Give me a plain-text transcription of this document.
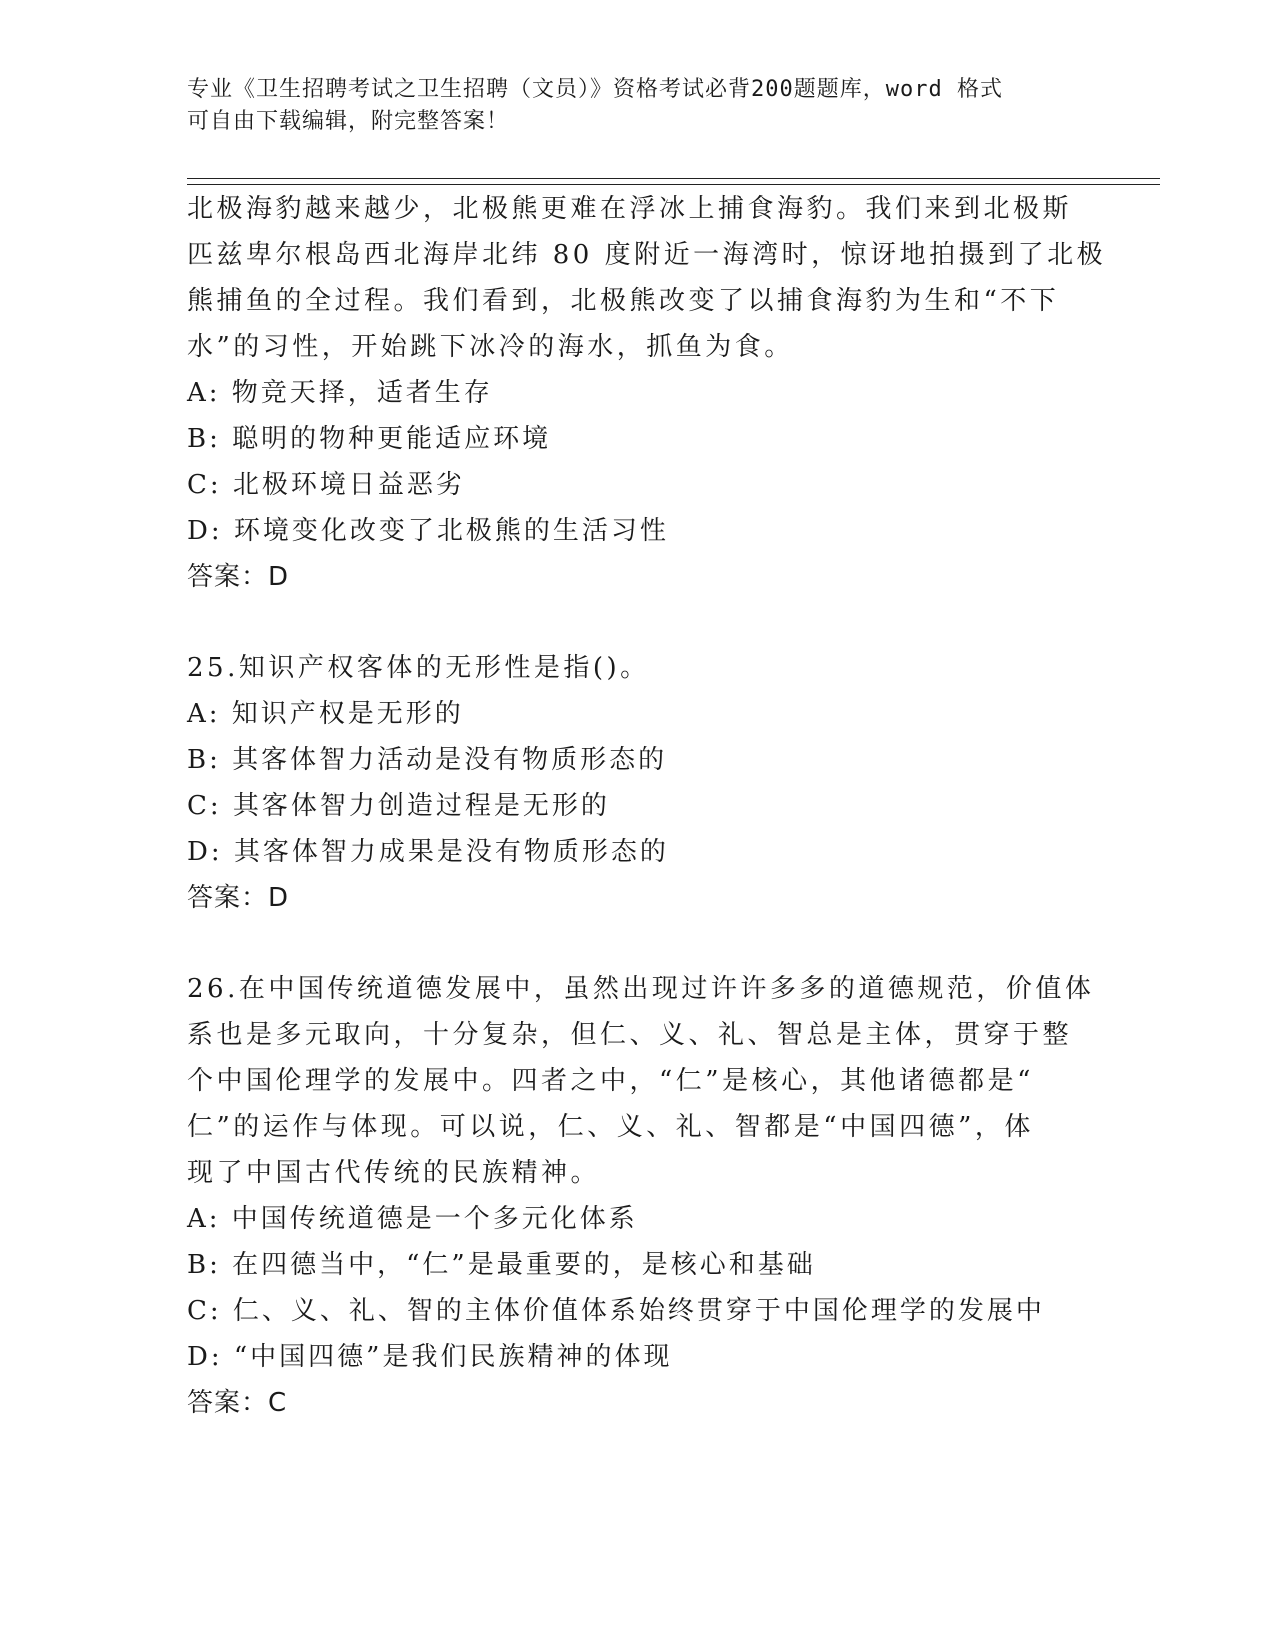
专业《卫生招聘考试之卫生招聘（文员）》资格考试必背200题题库，word 格式
可自由下载编辑，附完整答案！
北极海豹越来越少，北极熊更难在浮冰上捕食海豹。我们来到北极斯
匹兹卑尔根岛西北海岸北纬 80 度附近一海湾时，惊讶地拍摄到了北极
熊捕鱼的全过程。我们看到，北极熊改变了以捕食海豹为生和“不下
水”的习性，开始跳下冰冷的海水，抓鱼为食。
A: 物竞天择，适者生存
B: 聪明的物种更能适应环境
C: 北极环境日益恶劣
D: 环境变化改变了北极熊的生活习性
答案：D
25.知识产权客体的无形性是指()。
A: 知识产权是无形的
B: 其客体智力活动是没有物质形态的
C: 其客体智力创造过程是无形的
D: 其客体智力成果是没有物质形态的
答案：D
26.在中国传统道德发展中，虽然出现过许许多多的道德规范，价值体
系也是多元取向，十分复杂，但仁、义、礼、智总是主体，贯穿于整
个中国伦理学的发展中。四者之中，“仁”是核心，其他诸德都是“
仁”的运作与体现。可以说，仁、义、礼、智都是“中国四德”，体
现了中国古代传统的民族精神。
A: 中国传统道德是一个多元化体系
B: 在四德当中，“仁”是最重要的，是核心和基础
C: 仁、义、礼、智的主体价值体系始终贯穿于中国伦理学的发展中
D: “中国四德”是我们民族精神的体现
答案：C
